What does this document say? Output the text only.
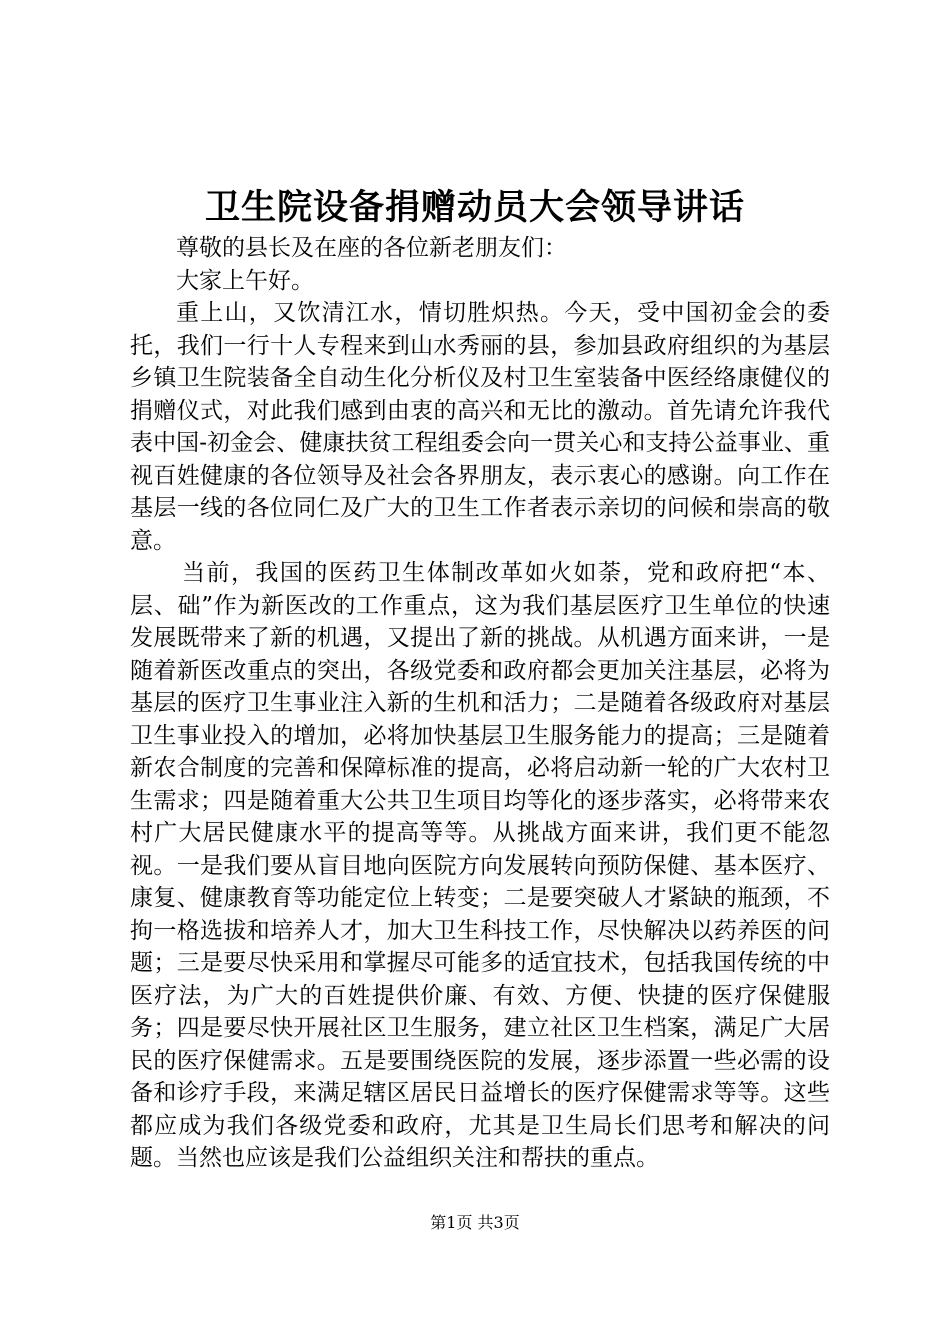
卫生院设备捐赠动员大会领导讲话

尊敬的县长及在座的各位新老朋友们：

大家上午好。

重上山，又饮清江水，情切胜炽热。今天，受中国初金会的委托，我们一行十人专程来到山水秀丽的县，参加县政府组织的为基层乡镇卫生院装备全自动生化分析仪及村卫生室装备中医经络康健仪的捐赠仪式，对此我们感到由衷的高兴和无比的激动。首先请允许我代表中国-初金会、健康扶贫工程组委会向一贯关心和支持公益事业、重视百姓健康的各位领导及社会各界朋友，表示衷心的感谢。向工作在基层一线的各位同仁及广大的卫生工作者表示亲切的问候和崇高的敬意。

当前，我国的医药卫生体制改革如火如荼，党和政府把“本、层、础”作为新医改的工作重点，这为我们基层医疗卫生单位的快速发展既带来了新的机遇，又提出了新的挑战。从机遇方面来讲，一是随着新医改重点的突出，各级党委和政府都会更加关注基层，必将为基层的医疗卫生事业注入新的生机和活力；二是随着各级政府对基层卫生事业投入的增加，必将加快基层卫生服务能力的提高；三是随着新农合制度的完善和保障标准的提高，必将启动新一轮的广大农村卫生需求；四是随着重大公共卫生项目均等化的逐步落实，必将带来农村广大居民健康水平的提高等等。从挑战方面来讲，我们更不能忽视。一是我们要从盲目地向医院方向发展转向预防保健、基本医疗、康复、健康教育等功能定位上转变；二是要突破人才紧缺的瓶颈，不拘一格选拔和培养人才，加大卫生科技工作，尽快解决以药养医的问题；三是要尽快采用和掌握尽可能多的适宜技术，包括我国传统的中医疗法，为广大的百姓提供价廉、有效、方便、快捷的医疗保健服务；四是要尽快开展社区卫生服务，建立社区卫生档案，满足广大居民的医疗保健需求。五是要围绕医院的发展，逐步添置一些必需的设备和诊疗手段，来满足辖区居民日益增长的医疗保健需求等等。这些都应成为我们各级党委和政府，尤其是卫生局长们思考和解决的问题。当然也应该是我们公益组织关注和帮扶的重点。

第1页 共3页
